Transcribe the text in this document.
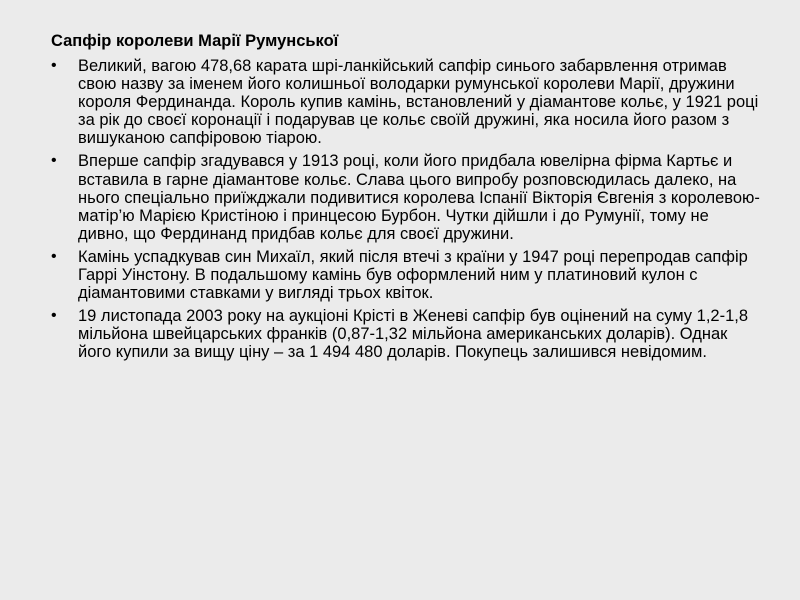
Сапфір королеви Марії Румунської
• Великий, вагою 478,68 карата шрі-ланкійський сапфір синього забарвлення отримав свою назву за іменем його колишньої володарки румунської королеви Марії, дружини короля Фердинанда. Король купив камінь, встановлений у діамантове кольє, у 1921 році за рік до своєї коронації і подарував це кольє своїй дружині, яка носила його разом з вишуканою сапфіровою тіарою.
• Вперше сапфір згадувався у 1913 році, коли його придбала ювелірна фірма Картьє и вставила в гарне діамантове кольє. Слава цього випробу розповсюдилась далеко, на нього спеціально приїжджали подивитися королева Іспанії Вікторія Євгенія з королевою-матір’ю Марією Кристіною і принцесою Бурбон. Чутки дійшли і до Румунії, тому не дивно, що Фердинанд придбав кольє для своєї дружини.
• Камінь успадкував син Михаїл, який після втечі з країни у 1947 році перепродав сапфір Гаррі Уінстону. В подальшому камінь був оформлений ним у платиновий кулон с діамантовими ставками у вигляді трьох квіток.
• 19 листопада 2003 року на аукціоні Крісті в Женеві сапфір був оцінений на суму 1,2-1,8 мільйона швейцарських франків (0,87-1,32 мільйона американських доларів). Однак його купили за вищу ціну – за 1 494 480 доларів. Покупець залишився невідомим.
